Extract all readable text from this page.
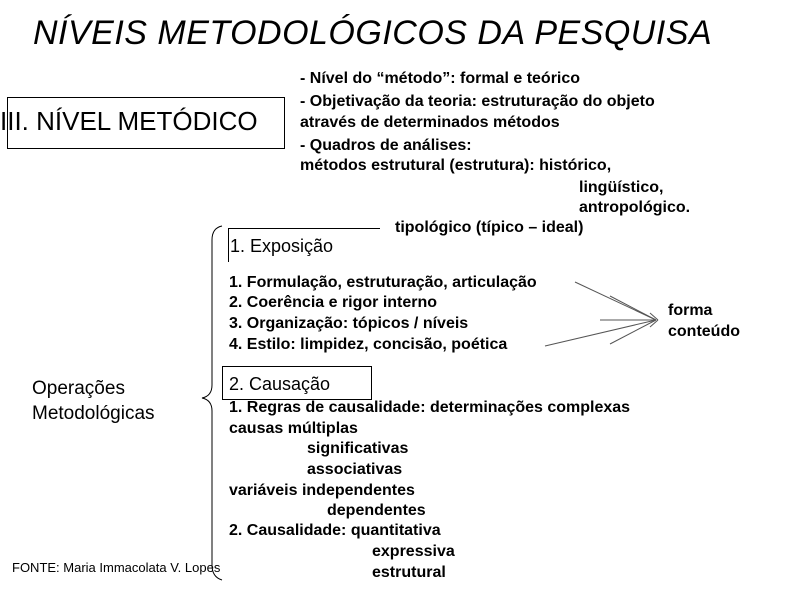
NÍVEIS METODOLÓGICOS DA PESQUISA
III. NÍVEL METÓDICO
- Nível do “método”: formal e teórico
- Objetivação da teoria: estruturação do objeto
através de determinados métodos
- Quadros de análises:
métodos estrutural (estrutura): histórico,
lingüístico,
antropológico.
tipológico (típico – ideal)
Operações
Metodológicas
1. Exposição
1. Formulação, estruturação, articulação
2. Coerência e rigor interno
3. Organização: tópicos / níveis
4. Estilo: limpidez, concisão, poética
forma
conteúdo
2. Causação
1. Regras de causalidade: determinações complexas
causas múltiplas
significativas
associativas
variáveis independentes
dependentes
2. Causalidade: quantitativa
expressiva
estrutural
FONTE: Maria Immacolata V. Lopes
